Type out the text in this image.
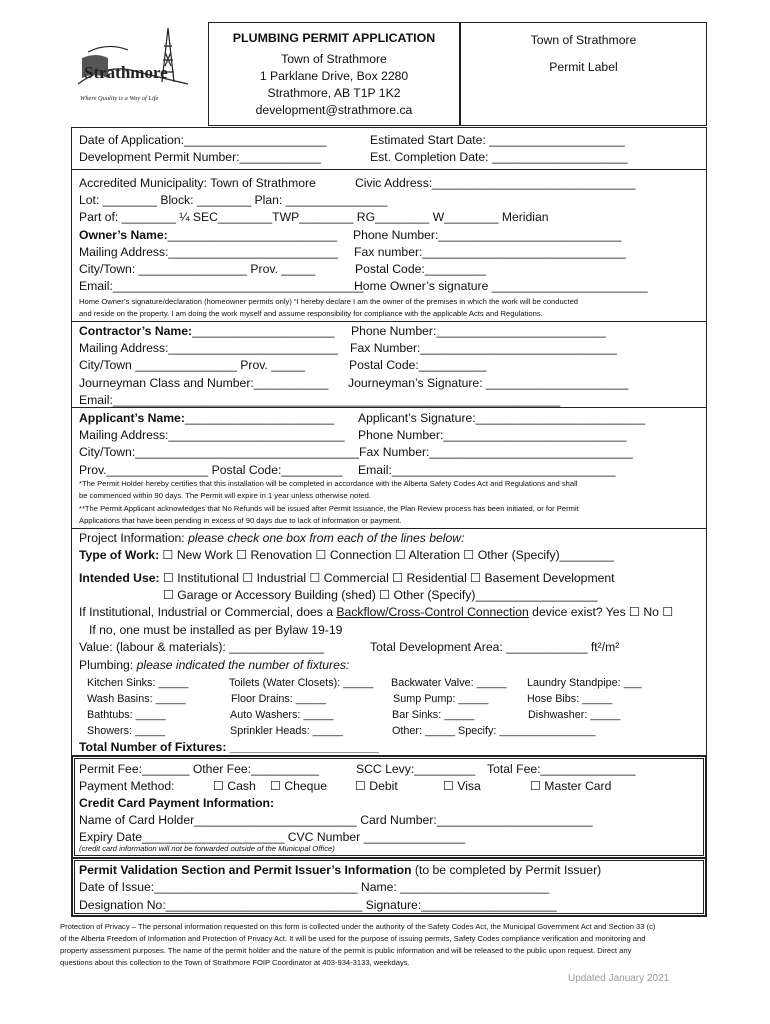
Strathmore
Where Quality is a Way of Life
PLUMBING PERMIT APPLICATION
Town of Strathmore
1 Parklane Drive, Box 2280
Strathmore, AB T1P 1K2
development@strathmore.ca
Town of Strathmore
Permit Label
Date of Application:_____________________	Estimated Start Date: ____________________
Development Permit Number:____________	Est. Completion Date: ____________________
Accredited Municipality: Town of Strathmore	Civic Address:______________________________
Lot: ________ Block: ________ Plan: _______________
Part of: ________ ¼ SEC________TWP________ RG________ W________ Meridian
Owner’s Name:_________________________ Phone Number:___________________________
Mailing Address:_________________________ Fax number:______________________________
City/Town: ________________ Prov. _____	Postal Code:_________
Email:_____________________________________
Home Owner’s signature _______________________
Home Owner’s signature/declaration (homeowner permits only) “I hereby declare I am the owner of the premises in which the work will be conducted
and reside on the property. I am doing the work myself and assume responsibility for compliance with the applicable Acts and Regulations.
Contractor’s Name:_____________________ Phone Number:_________________________
Mailing Address:_________________________ Fax Number:_____________________________
City/Town _______________ Prov. _____	Postal Code:__________
Journeyman Class and Number:___________ Journeyman’s Signature: _____________________
Email:__________________________________________________________________
Applicant’s Name:______________________ Applicant’s Signature:_________________________
Mailing Address:__________________________ Phone Number:___________________________
City/Town:_________________________________ Fax Number:______________________________
Prov._______________ Postal Code:_________ Email:_________________________________
*The Permit Holder hereby certifies that this installation will be completed in accordance with the Alberta Safety Codes Act and Regulations and shall
be commenced within 90 days. The Permit will expire in 1 year unless otherwise noted.
**The Permit Applicant acknowledges that No Refunds will be issued after Permit Issuance, the Plan Review process has been initiated, or for Permit
Applications that have been pending in excess of 90 days due to lack of information or payment.
Project Information: please check one box from each of the lines below:
Type of Work: ☐ New Work ☐ Renovation ☐ Connection ☐ Alteration ☐ Other (Specify)________
Intended Use: ☐ Institutional ☐ Industrial ☐ Commercial ☐ Residential ☐ Basement Development
☐ Garage or Accessory Building (shed) ☐ Other (Specify)__________________
If Institutional, Industrial or Commercial, does a Backflow/Cross-Control Connection device exist? Yes ☐ No ☐
If no, one must be installed as per Bylaw 19-19
Value: (labour & materials): ______________	Total Development Area: ____________ ft²/m²
Plumbing: please indicated the number of fixtures:
Kitchen Sinks: _____	Toilets (Water Closets): _____ Backwater Valve: _____ Laundry Standpipe: ___
Wash Basins: _____	Floor Drains: _____	Sump Pump: _____	Hose Bibs: _____
Bathtubs: _____	Auto Washers: _____	Bar Sinks: _____	Dishwasher: _____
Showers: _____	Sprinkler Heads: _____	Other: _____ Specify: ________________
Total Number of Fixtures: ______________________
Permit Fee:_______ Other Fee:__________	SCC Levy:_________ Total Fee:______________
Payment Method:	☐ Cash ☐ Cheque ☐ Debit	☐ Visa	☐ Master Card
Credit Card Payment Information:
Name of Card Holder________________________ Card Number:_______________________
Expiry Date_____________________ CVC Number _______________
(credit card information will not be forwarded outside of the Municipal Office)
Permit Validation Section and Permit Issuer’s Information (to be completed by Permit Issuer)
Date of Issue:______________________________ Name: ______________________
Designation No:_____________________________ Signature:____________________
Protection of Privacy – The personal information requested on this form is collected under the authority of the Safety Codes Act, the Municipal Government Act and Section 33 (c)
of the Alberta Freedom of Information and Protection of Privacy Act. It will be used for the purpose of issuing permits, Safety Codes compliance verification and monitoring and
property assessment purposes. The name of the permit holder and the nature of the permit is public information and will be released to the public upon request. Direct any
questions about this collection to the Town of Strathmore FOIP Coordinator at 403-934-3133, weekdays.
Updated January 2021
